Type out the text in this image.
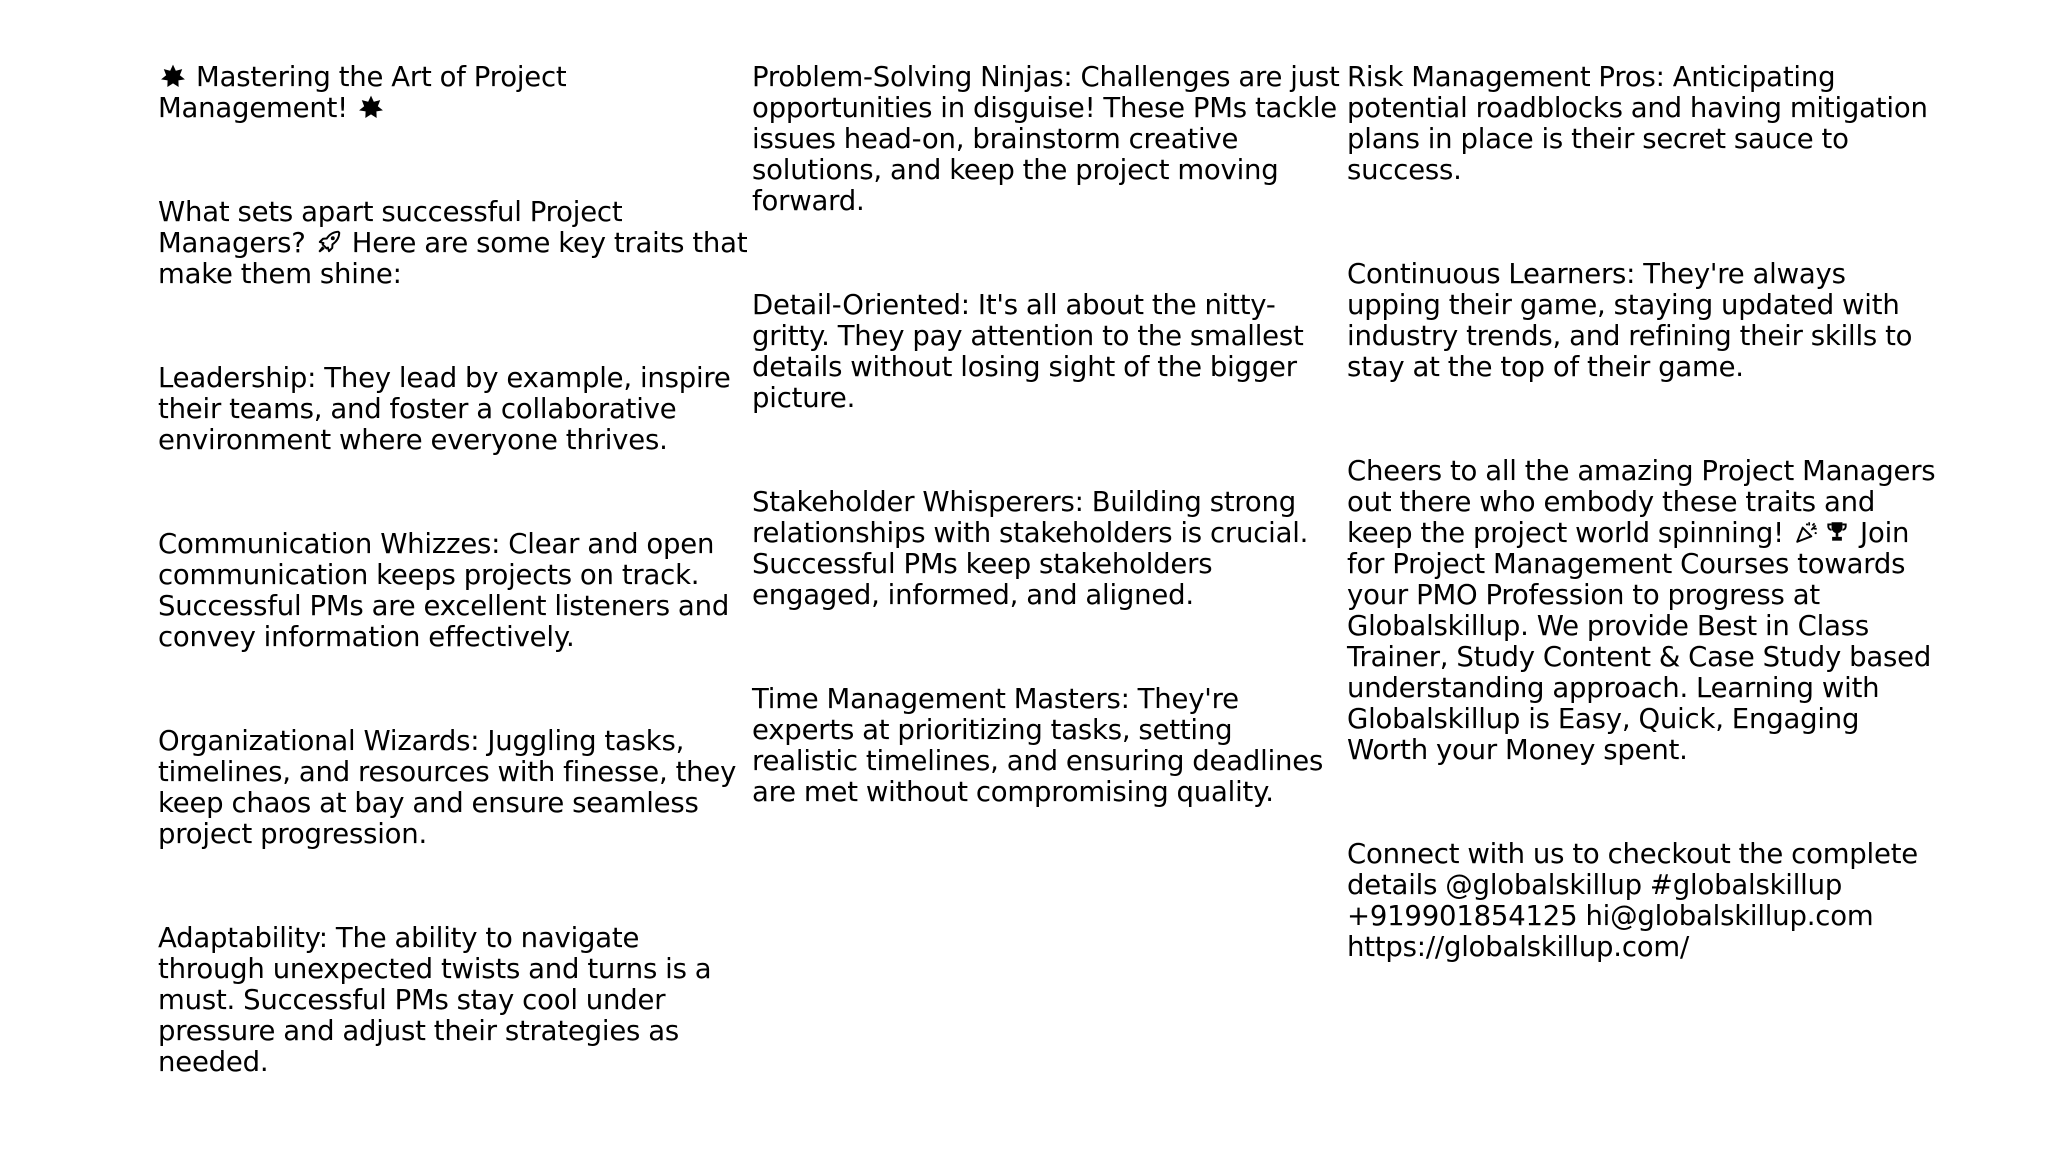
Mastering the Art of Project Management!

What sets apart successful Project Managers? Here are some key traits that make them shine:

Leadership: They lead by example, inspire their teams, and foster a collaborative environment where everyone thrives.

Communication Whizzes: Clear and open communication keeps projects on track. Successful PMs are excellent listeners and convey information effectively.

Organizational Wizards: Juggling tasks, timelines, and resources with finesse, they keep chaos at bay and ensure seamless project progression.

Adaptability: The ability to navigate through unexpected twists and turns is a must. Successful PMs stay cool under pressure and adjust their strategies as needed.

Problem-Solving Ninjas: Challenges are just opportunities in disguise! These PMs tackle issues head-on, brainstorm creative solutions, and keep the project moving forward.

Detail-Oriented: It's all about the nitty-gritty. They pay attention to the smallest details without losing sight of the bigger picture.

Stakeholder Whisperers: Building strong relationships with stakeholders is crucial. Successful PMs keep stakeholders engaged, informed, and aligned.

Time Management Masters: They're experts at prioritizing tasks, setting realistic timelines, and ensuring deadlines are met without compromising quality.

Risk Management Pros: Anticipating potential roadblocks and having mitigation plans in place is their secret sauce to success.

Continuous Learners: They're always upping their game, staying updated with industry trends, and refining their skills to stay at the top of their game.

Cheers to all the amazing Project Managers out there who embody these traits and keep the project world spinning!	Join for Project Management Courses towards your PMO Profession to progress at Globalskillup. We provide Best in Class Trainer, Study Content & Case Study based understanding approach. Learning with Globalskillup is Easy, Quick, Engaging Worth your Money spent.

Connect with us to checkout the complete details @globalskillup #globalskillup +919901854125 hi@globalskillup.com https://globalskillup.com/
